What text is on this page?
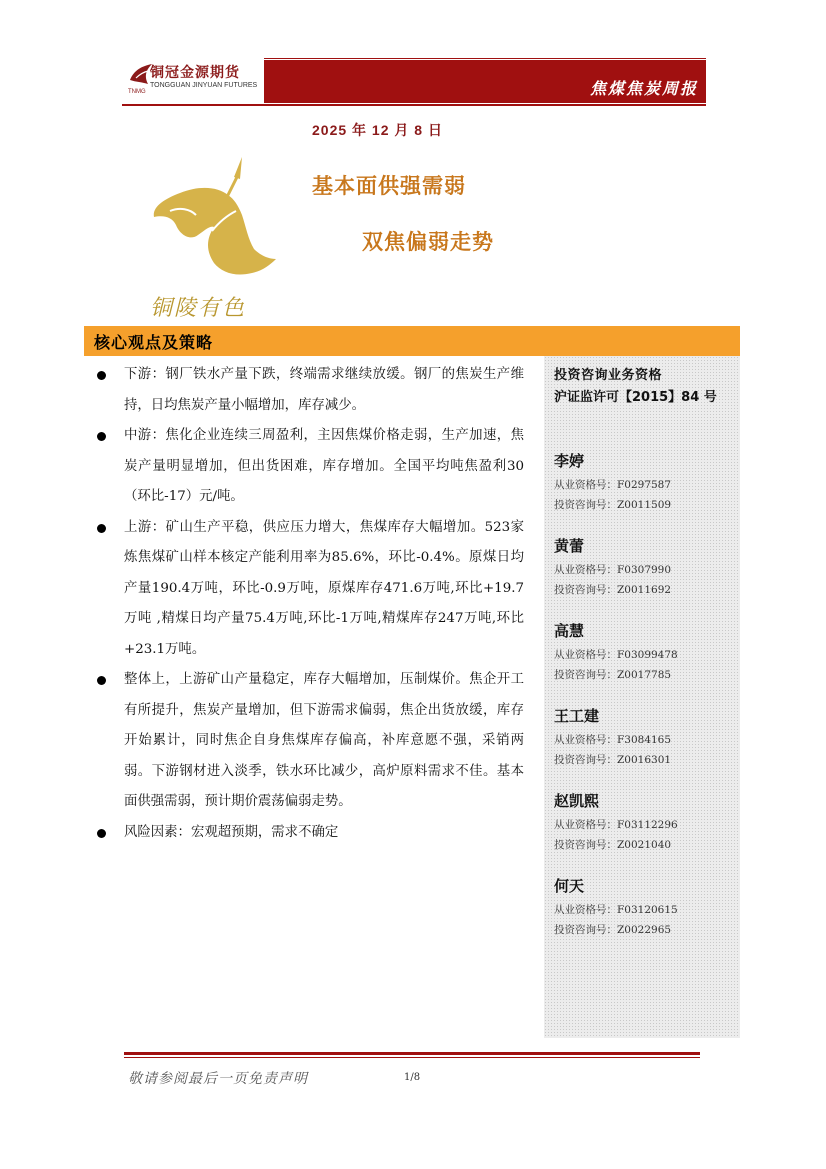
铜冠金源期货
TONGGUAN JINYUAN FUTURES
TNMG	焦煤焦炭周报
2025 年 12 月 8 日
铜陵有色
基本面供强需弱
双焦偏弱走势
核心观点及策略
投资咨询业务资格
沪证监许可【2015】84 号
李婷
从业资格号：F0297587
投资咨询号：Z0011509
黄蕾
从业资格号：F0307990
投资咨询号：Z0011692
高慧
从业资格号：F03099478
投资咨询号：Z0017785
王工建
从业资格号：F3084165
投资咨询号：Z0016301
赵凯熙
从业资格号：F03112296
投资咨询号：Z0021040
何天
从业资格号：F03120615
投资咨询号：Z0022965
下游：钢厂铁水产量下跌，终端需求继续放缓。钢厂的焦炭生产维持，日均焦炭产量小幅增加，库存减少。
中游：焦化企业连续三周盈利，主因焦煤价格走弱，生产加速，焦炭产量明显增加，但出货困难，库存增加。全国平均吨焦盈利30（环比-17）元/吨。
上游：矿山生产平稳，供应压力增大，焦煤库存大幅增加。523家炼焦煤矿山样本核定产能利用率为85.6%，环比-0.4%。原煤日均产量190.4万吨，环比-0.9万吨，原煤库存471.6万吨,环比+19.7万吨 ,精煤日均产量75.4万吨,环比-1万吨,精煤库存247万吨,环比+23.1万吨。
整体上，上游矿山产量稳定，库存大幅增加，压制煤价。焦企开工有所提升，焦炭产量增加，但下游需求偏弱，焦企出货放缓，库存开始累计，同时焦企自身焦煤库存偏高，补库意愿不强，采销两弱。下游钢材进入淡季，铁水环比减少，高炉原料需求不佳。基本面供强需弱，预计期价震荡偏弱走势。
风险因素：宏观超预期，需求不确定
敬请参阅最后一页免责声明	1/8
